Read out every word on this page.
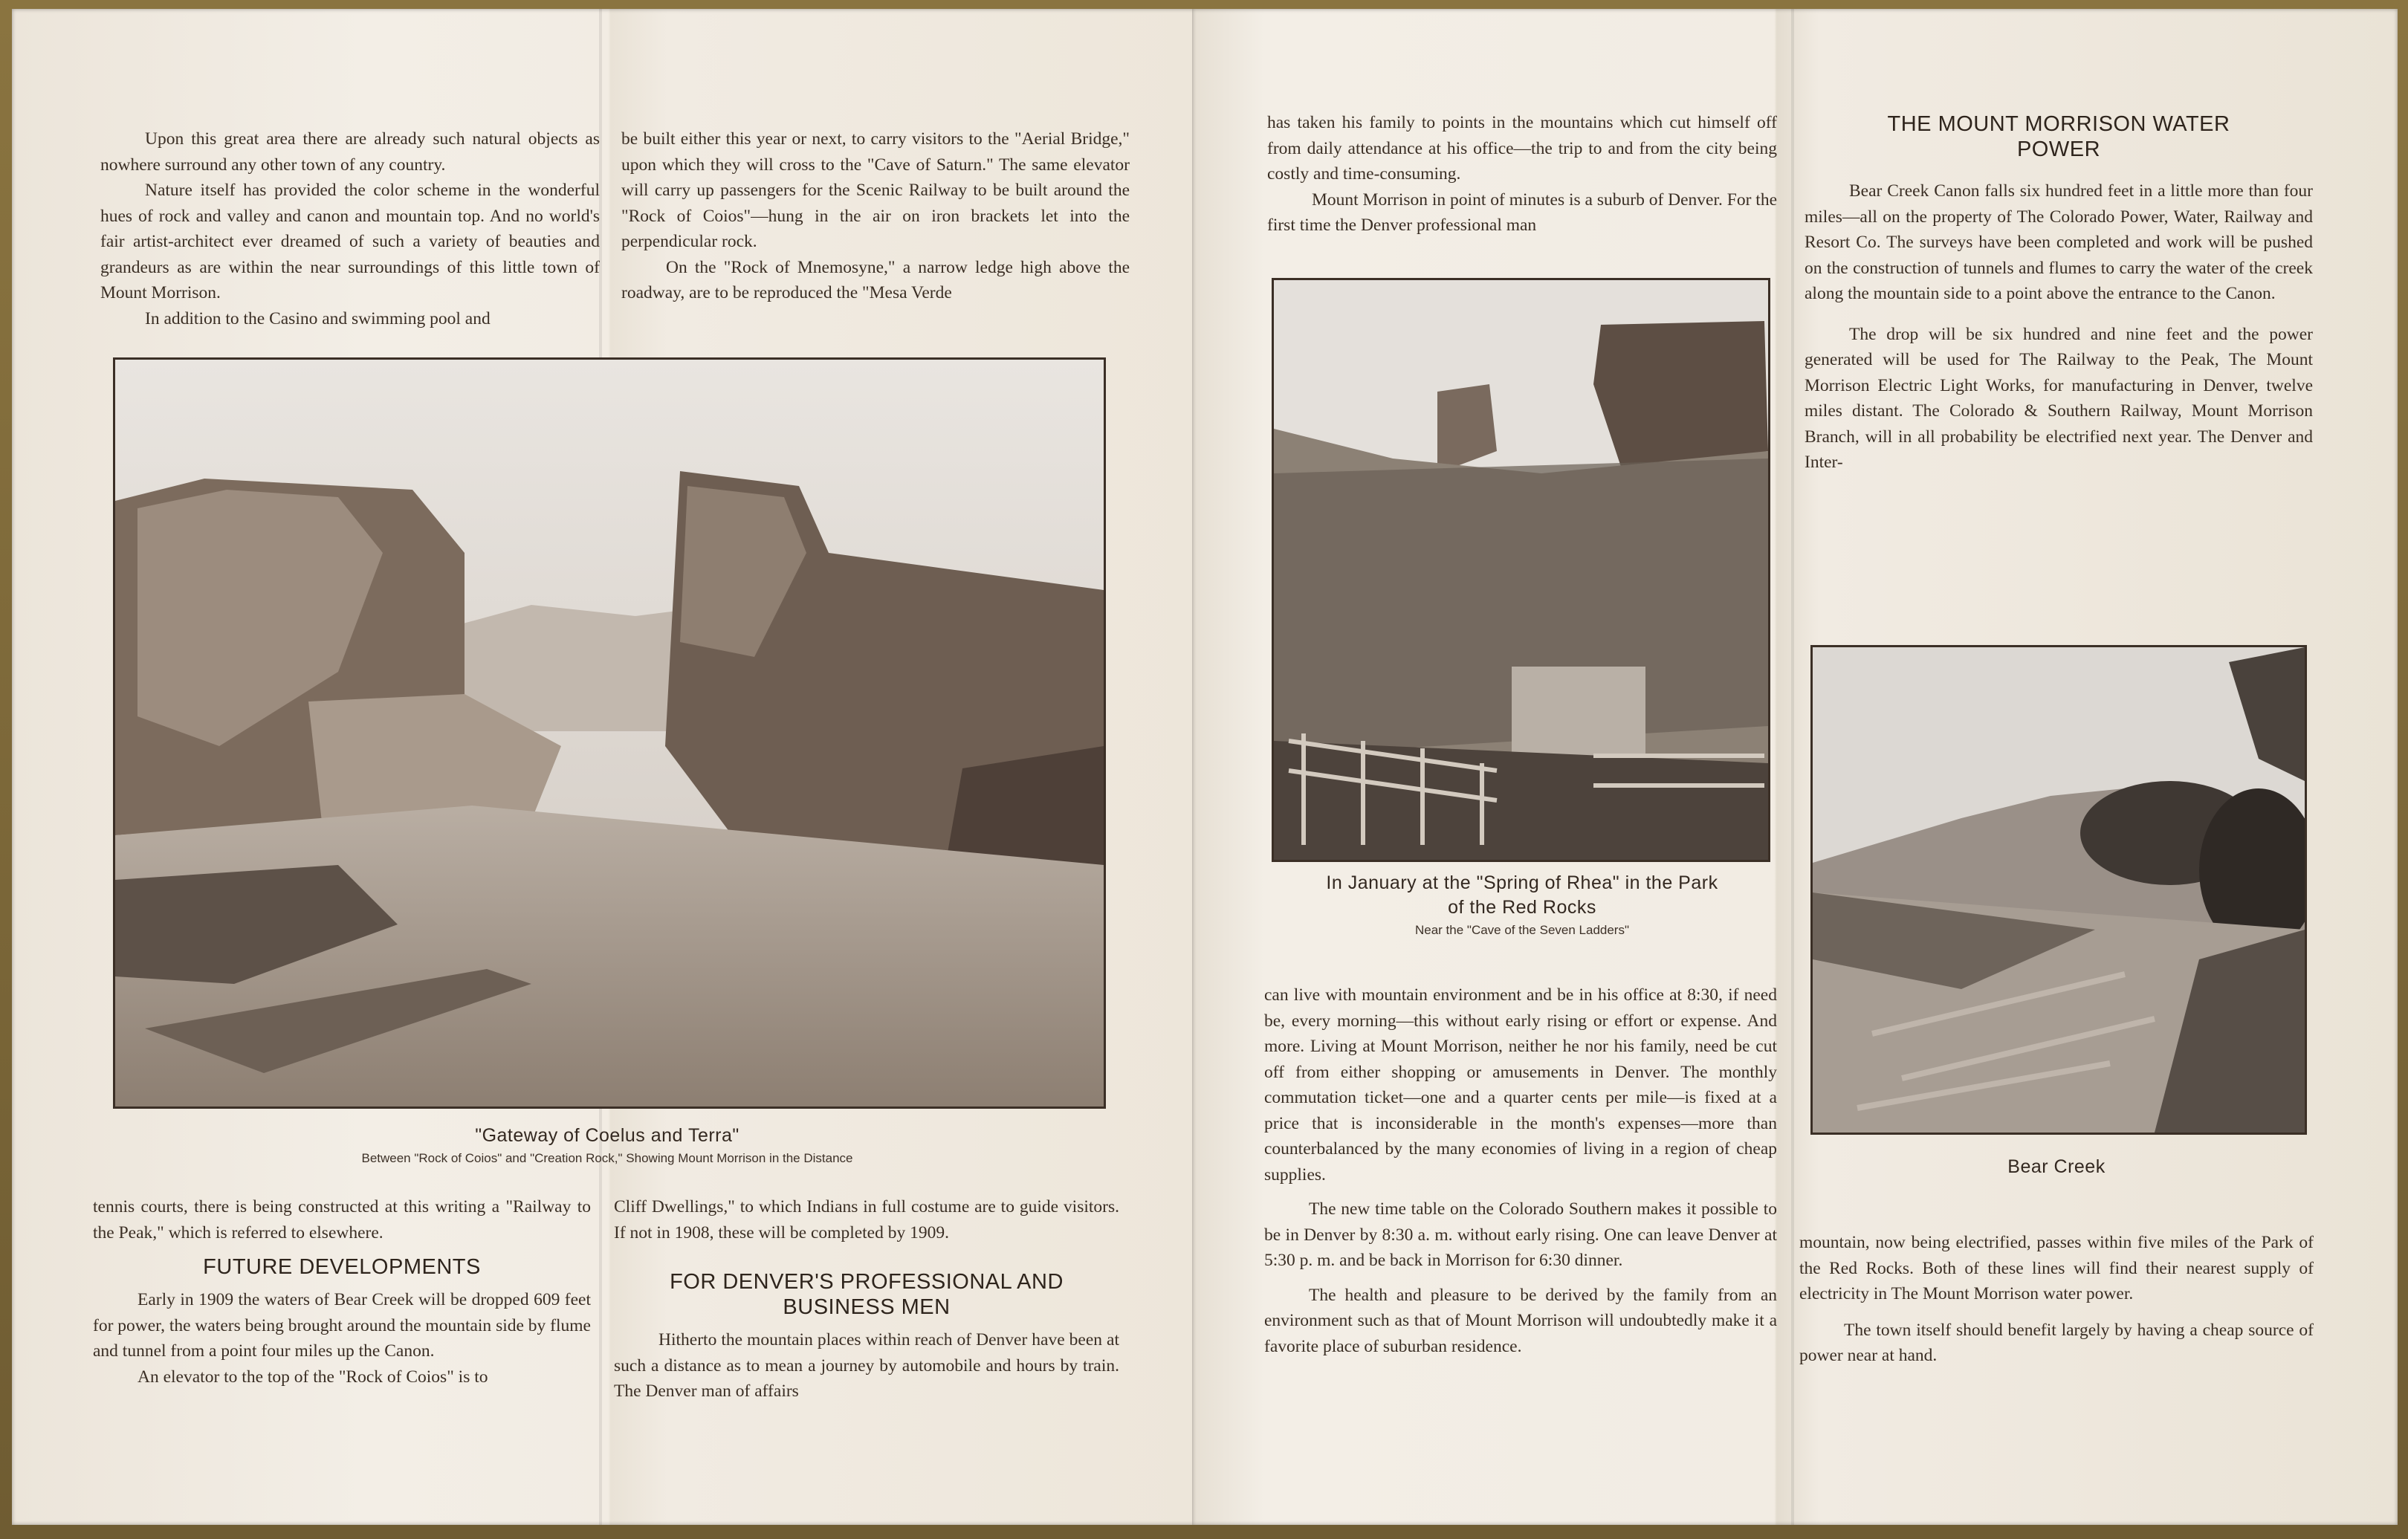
Upon this great area there are already such natural objects as nowhere surround any other town of any country.

Nature itself has provided the color scheme in the wonderful hues of rock and valley and canon and mountain top. And no world's fair artist-architect ever dreamed of such a variety of beauties and grandeurs as are within the near surroundings of this little town of Mount Morrison.

In addition to the Casino and swimming pool and

be built either this year or next, to carry visitors to the "Aerial Bridge," upon which they will cross to the "Cave of Saturn." The same elevator will carry up passengers for the Scenic Railway to be built around the "Rock of Coios"—hung in the air on iron brackets let into the perpendicular rock.

On the "Rock of Mnemosyne," a narrow ledge high above the roadway, are to be reproduced the "Mesa Verde

"Gateway of Coelus and Terra"
Between "Rock of Coios" and "Creation Rock," Showing Mount Morrison in the Distance

tennis courts, there is being constructed at this writing a "Railway to the Peak," which is referred to elsewhere.

FUTURE DEVELOPMENTS

Early in 1909 the waters of Bear Creek will be dropped 609 feet for power, the waters being brought around the mountain side by flume and tunnel from a point four miles up the Canon.

An elevator to the top of the "Rock of Coios" is to

Cliff Dwellings," to which Indians in full costume are to guide visitors. If not in 1908, these will be completed by 1909.

FOR DENVER'S PROFESSIONAL AND
BUSINESS MEN

Hitherto the mountain places within reach of Denver have been at such a distance as to mean a journey by automobile and hours by train. The Denver man of affairs

has taken his family to points in the mountains which cut himself off from daily attendance at his office—the trip to and from the city being costly and time-consuming.

Mount Morrison in point of minutes is a suburb of Denver. For the first time the Denver professional man

In January at the "Spring of Rhea" in the Park
of the Red Rocks
Near the "Cave of the Seven Ladders"

can live with mountain environment and be in his office at 8:30, if need be, every morning—this without early rising or effort or expense. And more. Living at Mount Morrison, neither he nor his family, need be cut off from either shopping or amusements in Denver. The monthly commutation ticket—one and a quarter cents per mile—is fixed at a price that is inconsiderable in the month's expenses—more than counterbalanced by the many economies of living in a region of cheap supplies.

The new time table on the Colorado Southern makes it possible to be in Denver by 8:30 a. m. without early rising. One can leave Denver at 5:30 p. m. and be back in Morrison for 6:30 dinner.

The health and pleasure to be derived by the family from an environment such as that of Mount Morrison will undoubtedly make it a favorite place of suburban residence.

THE MOUNT MORRISON WATER
POWER

Bear Creek Canon falls six hundred feet in a little more than four miles—all on the property of The Colorado Power, Water, Railway and Resort Co. The surveys have been completed and work will be pushed on the construction of tunnels and flumes to carry the water of the creek along the mountain side to a point above the entrance to the Canon.

The drop will be six hundred and nine feet and the power generated will be used for The Railway to the Peak, The Mount Morrison Electric Light Works, for manufacturing in Denver, twelve miles distant. The Colorado & Southern Railway, Mount Morrison Branch, will in all probability be electrified next year. The Denver and Inter-

Bear Creek

mountain, now being electrified, passes within five miles of the Park of the Red Rocks. Both of these lines will find their nearest supply of electricity in The Mount Morrison water power.

The town itself should benefit largely by having a cheap source of power near at hand.
